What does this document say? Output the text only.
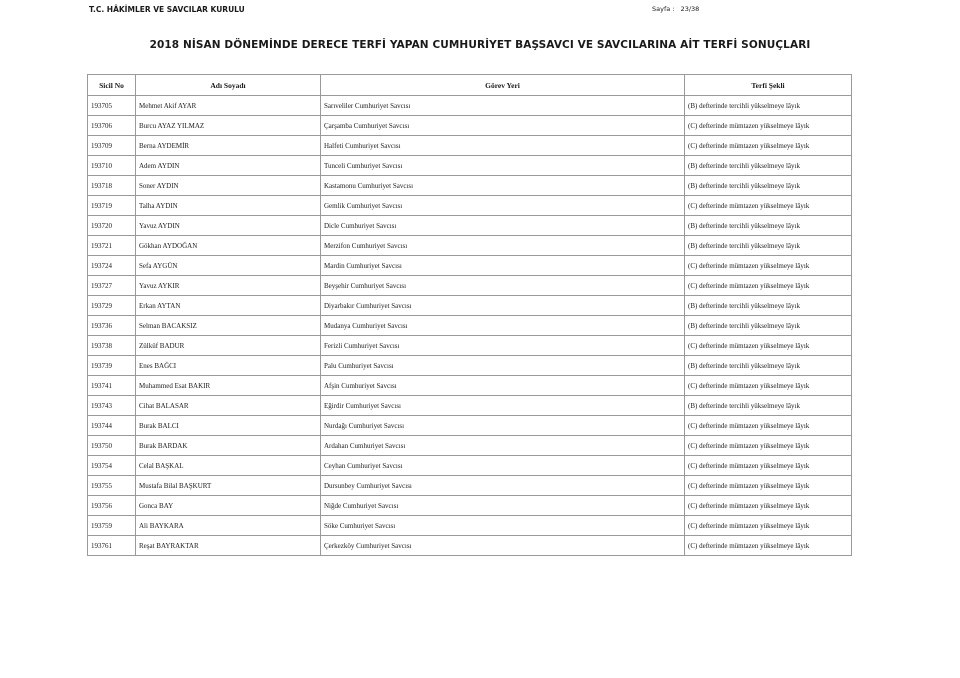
T.C. HÂKİMLER VE SAVCILAR KURULU	Sayfa : 23/38
2018 NİSAN DÖNEMİNDE DERECE TERFİ YAPAN CUMHURİYET BAŞSAVCI VE SAVCILARINA AİT TERFİ SONUÇLARI
Sicil No	Adı Soyadı	Görev Yeri	Terfi Şekli
193705	Mehmet Akif AYAR	Sarıveliler Cumhuriyet Savcısı	(B) defterinde tercihli yükselmeye lâyık
193706	Burcu AYAZ YILMAZ	Çarşamba Cumhuriyet Savcısı	(C) defterinde mümtazen yükselmeye lâyık
193709	Berna AYDEMİR	Halfeti Cumhuriyet Savcısı	(C) defterinde mümtazen yükselmeye lâyık
193710	Adem AYDIN	Tunceli Cumhuriyet Savcısı	(B) defterinde tercihli yükselmeye lâyık
193718	Soner AYDIN	Kastamonu Cumhuriyet Savcısı	(B) defterinde tercihli yükselmeye lâyık
193719	Talha AYDIN	Gemlik Cumhuriyet Savcısı	(C) defterinde mümtazen yükselmeye lâyık
193720	Yavuz AYDIN	Dicle Cumhuriyet Savcısı	(B) defterinde tercihli yükselmeye lâyık
193721	Gökhan AYDOĞAN	Merzifon Cumhuriyet Savcısı	(B) defterinde tercihli yükselmeye lâyık
193724	Sefa AYGÜN	Mardin Cumhuriyet Savcısı	(C) defterinde mümtazen yükselmeye lâyık
193727	Yavuz AYKIR	Beyşehir Cumhuriyet Savcısı	(C) defterinde mümtazen yükselmeye lâyık
193729	Erkan AYTAN	Diyarbakır Cumhuriyet Savcısı	(B) defterinde tercihli yükselmeye lâyık
193736	Selman BACAKSIZ	Mudanya Cumhuriyet Savcısı	(B) defterinde tercihli yükselmeye lâyık
193738	Zülküf BADUR	Ferizli Cumhuriyet Savcısı	(C) defterinde mümtazen yükselmeye lâyık
193739	Enes BAĞCI	Palu Cumhuriyet Savcısı	(B) defterinde tercihli yükselmeye lâyık
193741	Muhammed Esat BAKIR	Afşin Cumhuriyet Savcısı	(C) defterinde mümtazen yükselmeye lâyık
193743	Cihat BALASAR	Eğirdir Cumhuriyet Savcısı	(B) defterinde tercihli yükselmeye lâyık
193744	Burak BALCI	Nurdağı Cumhuriyet Savcısı	(C) defterinde mümtazen yükselmeye lâyık
193750	Burak BARDAK	Ardahan Cumhuriyet Savcısı	(C) defterinde mümtazen yükselmeye lâyık
193754	Celal BAŞKAL	Ceyhan Cumhuriyet Savcısı	(C) defterinde mümtazen yükselmeye lâyık
193755	Mustafa Bilal BAŞKURT	Dursunbey Cumhuriyet Savcısı	(C) defterinde mümtazen yükselmeye lâyık
193756	Gonca BAY	Niğde Cumhuriyet Savcısı	(C) defterinde mümtazen yükselmeye lâyık
193759	Ali BAYKARA	Söke Cumhuriyet Savcısı	(C) defterinde mümtazen yükselmeye lâyık
193761	Reşat BAYRAKTAR	Çerkezköy Cumhuriyet Savcısı	(C) defterinde mümtazen yükselmeye lâyık
